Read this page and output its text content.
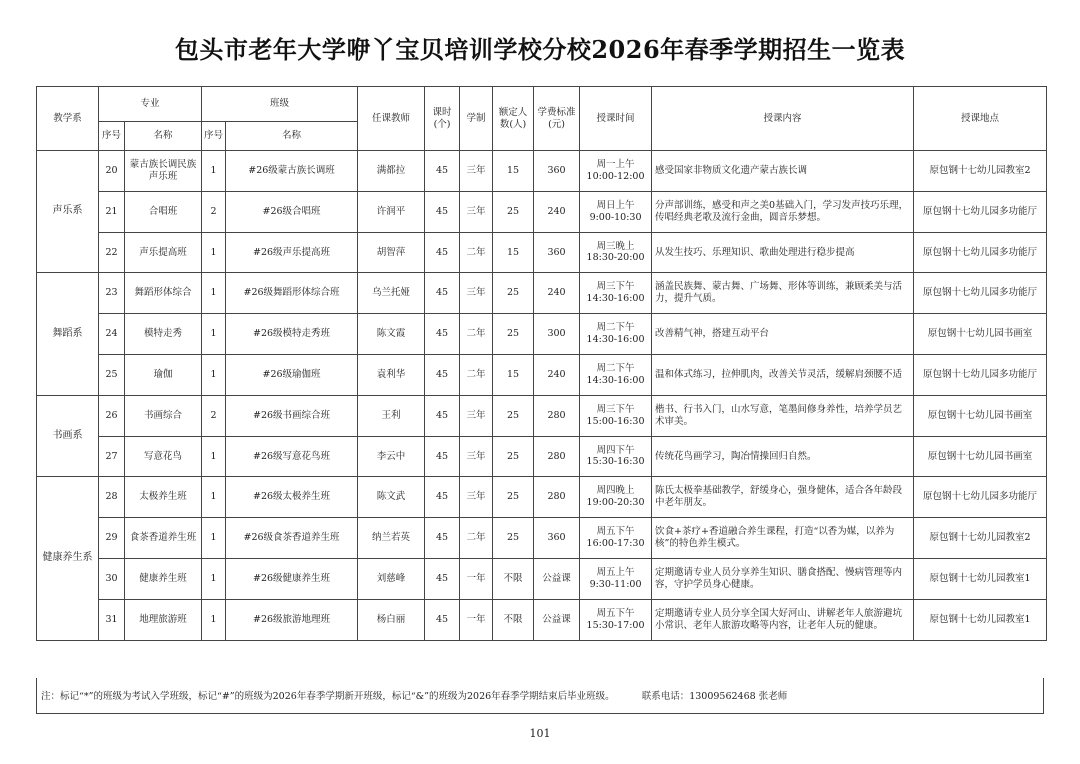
包头市老年大学咿丫宝贝培训学校分校2026年春季学期招生一览表
教学系	专业		班级		任课教师	课时(个)	学制	额定人数(人)	学费标准(元)	授课时间	授课内容	授课地点
	序号	名称	序号	名称								
声乐系	20	蒙古族长调民族声乐班	1	#26级蒙古族长调班	满都拉	45	三年	15	360	周一上午
10:00-12:00	感受国家非物质文化遗产蒙古族长调	原包钢十七幼儿园教室2
	21	合唱班	2	#26级合唱班	许润平	45	三年	25	240	周日上午
9:00-10:30	分声部训练，感受和声之美0基础入门，学习发声技巧乐理，传唱经典老歌及流行金曲，圆音乐梦想。	原包钢十七幼儿园多功能厅
	22	声乐提高班	1	#26级声乐提高班	胡智萍	45	二年	15	360	周三晚上
18:30-20:00	从发生技巧、乐理知识、歌曲处理进行稳步提高	原包钢十七幼儿园多功能厅
舞蹈系	23	舞蹈形体综合	1	#26级舞蹈形体综合班	乌兰托娅	45	三年	25	240	周三下午
14:30-16:00	涵盖民族舞、蒙古舞、广场舞、形体等训练，兼顾柔美与活力，提升气质。	原包钢十七幼儿园多功能厅
	24	模特走秀	1	#26级模特走秀班	陈文霞	45	二年	25	300	周二下午
14:30-16:00	改善精气神，搭建互动平台	原包钢十七幼儿园书画室
	25	瑜伽	1	#26级瑜伽班	袁利华	45	二年	15	240	周二下午
14:30-16:00	温和体式练习，拉伸肌肉，改善关节灵活，缓解肩颈腰不适	原包钢十七幼儿园多功能厅
书画系	26	书画综合	2	#26级书画综合班	王利	45	三年	25	280	周三下午
15:00-16:30	楷书、行书入门，山水写意，笔墨间修身养性，培养学员艺术审美。	原包钢十七幼儿园书画室
	27	写意花鸟	1	#26级写意花鸟班	李云中	45	三年	25	280	周四下午
15:30-16:30	传统花鸟画学习，陶冶情操回归自然。	原包钢十七幼儿园书画室
健康养生系	28	太极养生班	1	#26级太极养生班	陈文武	45	三年	25	280	周四晚上
19:00-20:30	陈氏太极拳基础教学，舒缓身心，强身健体，适合各年龄段中老年朋友。	原包钢十七幼儿园多功能厅
	29	食茶香道养生班	1	#26级食茶香道养生班	纳兰若英	45	二年	25	360	周五下午
16:00-17:30	饮食+茶疗+香道融合养生课程，打造“以香为媒，以养为核”的特色养生模式。	原包钢十七幼儿园教室2
	30	健康养生班	1	#26级健康养生班	刘慈峰	45	一年	不限	公益课	周五上午
9:30-11:00	定期邀请专业人员分享养生知识、膳食搭配、慢病管理等内容，守护学员身心健康。	原包钢十七幼儿园教室1
	31	地理旅游班	1	#26级旅游地理班	杨白丽	45	一年	不限	公益课	周五下午
15:30-17:00	定期邀请专业人员分享全国大好河山、讲解老年人旅游避坑小常识、老年人旅游攻略等内容，让老年人玩的健康。	原包钢十七幼儿园教室1
注：标记“*”的班级为考试入学班级，标记“#”的班级为2026年春季学期新开班级，标记“&”的班级为2026年春季学期结束后毕业班级。	联系电话：13009562468 张老师
101
